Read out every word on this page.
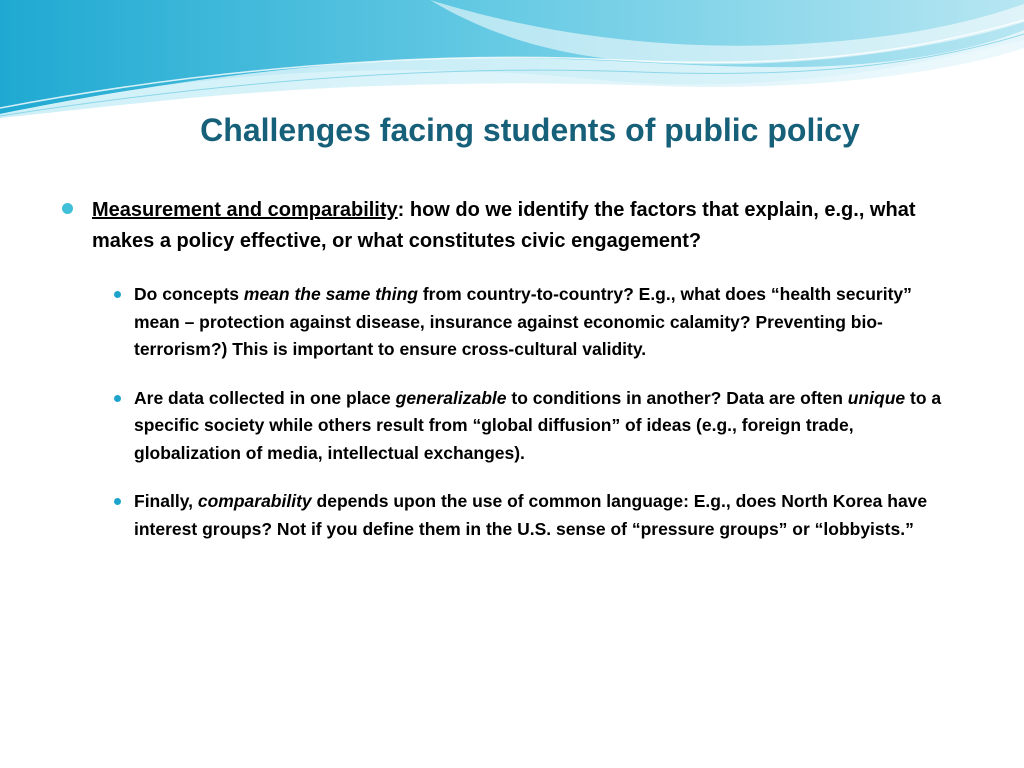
Challenges facing students of public policy
Measurement and comparability: how do we identify the factors that explain, e.g., what makes a policy effective, or what constitutes civic engagement?
Do concepts mean the same thing from country-to-country? E.g., what does “health security” mean – protection against disease, insurance against economic calamity? Preventing bio-terrorism?) This is important to ensure cross-cultural validity.
Are data collected in one place generalizable to conditions in another? Data are often unique to a specific society while others result from “global diffusion” of ideas (e.g., foreign trade, globalization of media, intellectual exchanges).
Finally, comparability depends upon the use of common language: E.g., does North Korea have interest groups? Not if you define them in the U.S. sense of “pressure groups” or “lobbyists.”
